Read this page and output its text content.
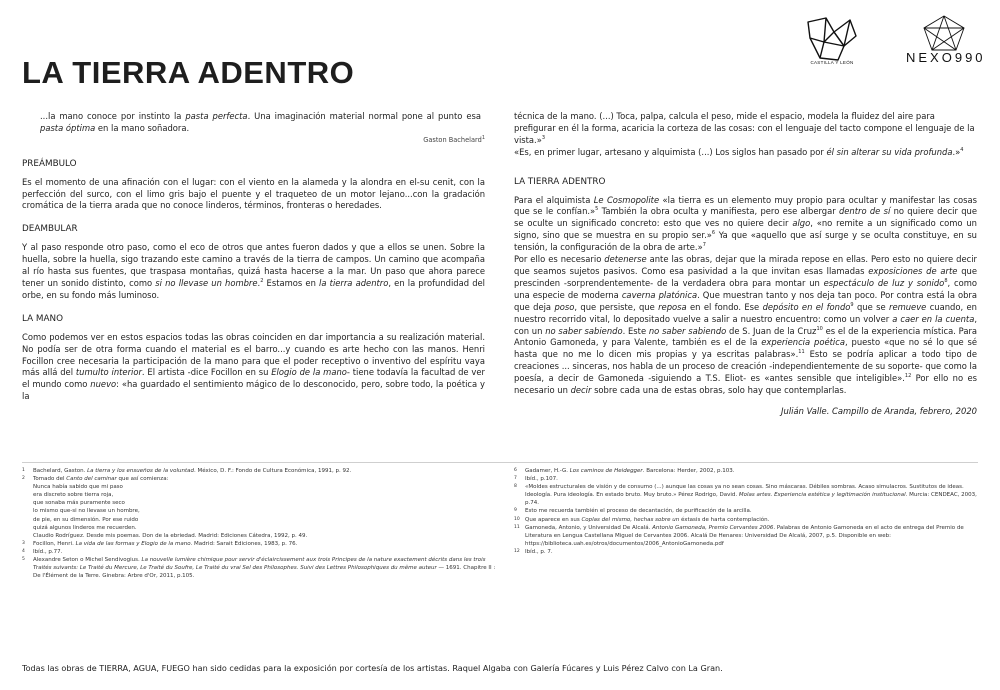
LA TIERRA ADENTRO	CASTILLA Y LEÓN	NEXO990

...la mano conoce por instinto la pasta perfecta. Una imaginación material normal pone al punto esa pasta óptima en la mano soñadora.

Gaston Bachelard$^1$

PREÁMBULO

Es el momento de una afinación con el lugar: con el viento en la alameda y la alondra en el-su cenit, con la perfección del surco, con el limo gris bajo el puente y el traqueteo de un motor lejano...con la gradación cromática de la tierra arada que no conoce linderos, términos, fronteras o heredades.

DEAMBULAR

Y al paso responde otro paso, como el eco de otros que antes fueron dados y que a ellos se unen. Sobre la huella, sobre la huella, sigo trazando este camino a través de la tierra de campos. Un camino que acompaña al río hasta sus fuentes, que traspasa montañas, quizá hasta hacerse a la mar. Un paso que ahora parece tener un sonido distinto, como si no llevase un hombre.$^2$ Estamos en la tierra adentro, en la profundidad del orbe, en su fondo más luminoso.

LA MANO

Como podemos ver en estos espacios todas las obras coinciden en dar importancia a su realización material. No podía ser de otra forma cuando el material es el barro...y cuando es arte hecho con las manos. Henri Focillon cree necesaria la participación de la mano para que el poder receptivo o inventivo del espíritu vaya más allá del tumulto interior. El artista -dice Focillon en su Elogio de la mano- tiene todavía la facultad de ver el mundo como nuevo: «ha guardado el sentimiento mágico de lo desconocido, pero, sobre todo, la poética y la

técnica de la mano. (...) Toca, palpa, calcula el peso, mide el espacio, modela la fluidez del aire para prefigurar en él la forma, acaricia la corteza de las cosas: con el lenguaje del tacto compone el lenguaje de la vista.»$^3$

«Es, en primer lugar, artesano y alquimista (...) Los siglos han pasado por él sin alterar su vida profunda.»$^4$

LA TIERRA ADENTRO

Para el alquimista Le Cosmopolite «la tierra es un elemento muy propio para ocultar y manifestar las cosas que se le confían.»$^5$ También la obra oculta y manifiesta, pero ese albergar dentro de sí no quiere decir que se oculte un significado concreto: esto que ves no quiere decir algo, «no remite a un significado como un signo, sino que se muestra en su propio ser.»$^6$ Ya que «aquello que así surge y se oculta constituye, en su tensión, la configuración de la obra de arte.»$^7$

Por ello es necesario detenerse ante las obras, dejar que la mirada repose en ellas. Pero esto no quiere decir que seamos sujetos pasivos. Como esa pasividad a la que invitan esas llamadas exposiciones de arte que prescinden -sorprendentemente- de la verdadera obra para montar un espectáculo de luz y sonido$^8$, como una especie de moderna caverna platónica. Que muestran tanto y nos deja tan poco. Por contra está la obra que deja poso, que persiste, que reposa en el fondo. Ese depósito en el fondo$^9$ que se remueve cuando, en nuestro recorrido vital, lo depositado vuelve a salir a nuestro encuentro: como un volver a caer en la cuenta, con un no saber sabiendo. Este no saber sabiendo de S. Juan de la Cruz$^{10}$ es el de la experiencia mística. Para Antonio Gamoneda, y para Valente, también es el de la experiencia poética, puesto «que no sé lo que sé hasta que no me lo dicen mis propias y ya escritas palabras».$^{11}$ Esto se podría aplicar a todo tipo de creaciones ... sinceras, nos habla de un proceso de creación -independientemente de su soporte- que como la poesía, a decir de Gamoneda -siguiendo a T.S. Eliot- es «antes sensible que inteligible».$^{12}$ Por ello no es necesario un decir sobre cada una de estas obras, solo hay que contemplarlas.

Julián Valle. Campillo de Aranda, febrero, 2020

1	Bachelard, Gaston. La tierra y los ensueños de la voluntad. México, D. F.: Fondo de Cultura Económica, 1991, p. 92.
2	Tomado del Canto del caminar que así comienza:
Nunca había sabido que mi paso
era discreto sobre tierra roja,
que sonaba más puramente seco
lo mismo que-si no llevase un hombre,
de pie, en su dimensión. Por ese ruido
quizá algunos linderos me recuerden.
Claudio Rodríguez. Desde mis poemas. Don de la ebriedad. Madrid: Ediciones Cátedra, 1992, p. 49.
3	Focillon, Henri. La vida de las formas y Elogio de la mano. Madrid: Sarait Ediciones, 1983, p. 76.
4	Ibíd., p.77.
5	Alexandre Seton o Michel Sendivogius. La nouvelle lumière chimique pour servir d'éclaircissement aux trois Principes de la nature exactement décrits dans les trois Traités suivants: Le Traité du Mercure, Le Traité du Soufre, Le Traité du vrai Sel des Philosophes. Suivi des Lettres Philosophiques du même auteur — 1691. Chapitre II : De l'Élément de la Terre. Ginebra: Arbre d'Or, 2011, p.105.
6	Gadamer, H.-G. Los caminos de Heidegger. Barcelona: Herder, 2002, p.103.
7	Ibíd., p.107.
8	«Moldes estructurales de visión y de consumo (...) aunque las cosas ya no sean cosas. Sino máscaras. Débiles sombras. Acaso simulacros. Sustitutos de ideas. Ideología. Pura ideología. En estado bruto. Muy bruto.» Pérez Rodrigo, David. Molas artes. Experiencia estética y legitimación institucional. Murcia: CENDEAC, 2003, p.74.
9	Esto me recuerda también el proceso de decantación, de purificación de la arcilla.
10 Que aparece en sus Coplas del mismo, hechas sobre un éxtasis de harta contemplación.
11 Gamoneda, Antonio, y Universidad De Alcalá. Antonio Gamoneda, Premio Cervantes 2006. Palabras de Antonio Gamoneda en el acto de entrega del Premio de Literatura en Lengua Castellana Miguel de Cervantes 2006. Alcalá De Henares: Universidad De Alcalá, 2007, p.5. Disponible en web: https://biblioteca.uah.es/otros/documentos/2006_AntonioGamoneda.pdf
12 Ibíd., p. 7.
Todas las obras de TIERRA, AGUA, FUEGO han sido cedidas para la exposición por cortesía de los artistas. Raquel Algaba con Galería Fúcares y Luis Pérez Calvo con La Gran.
